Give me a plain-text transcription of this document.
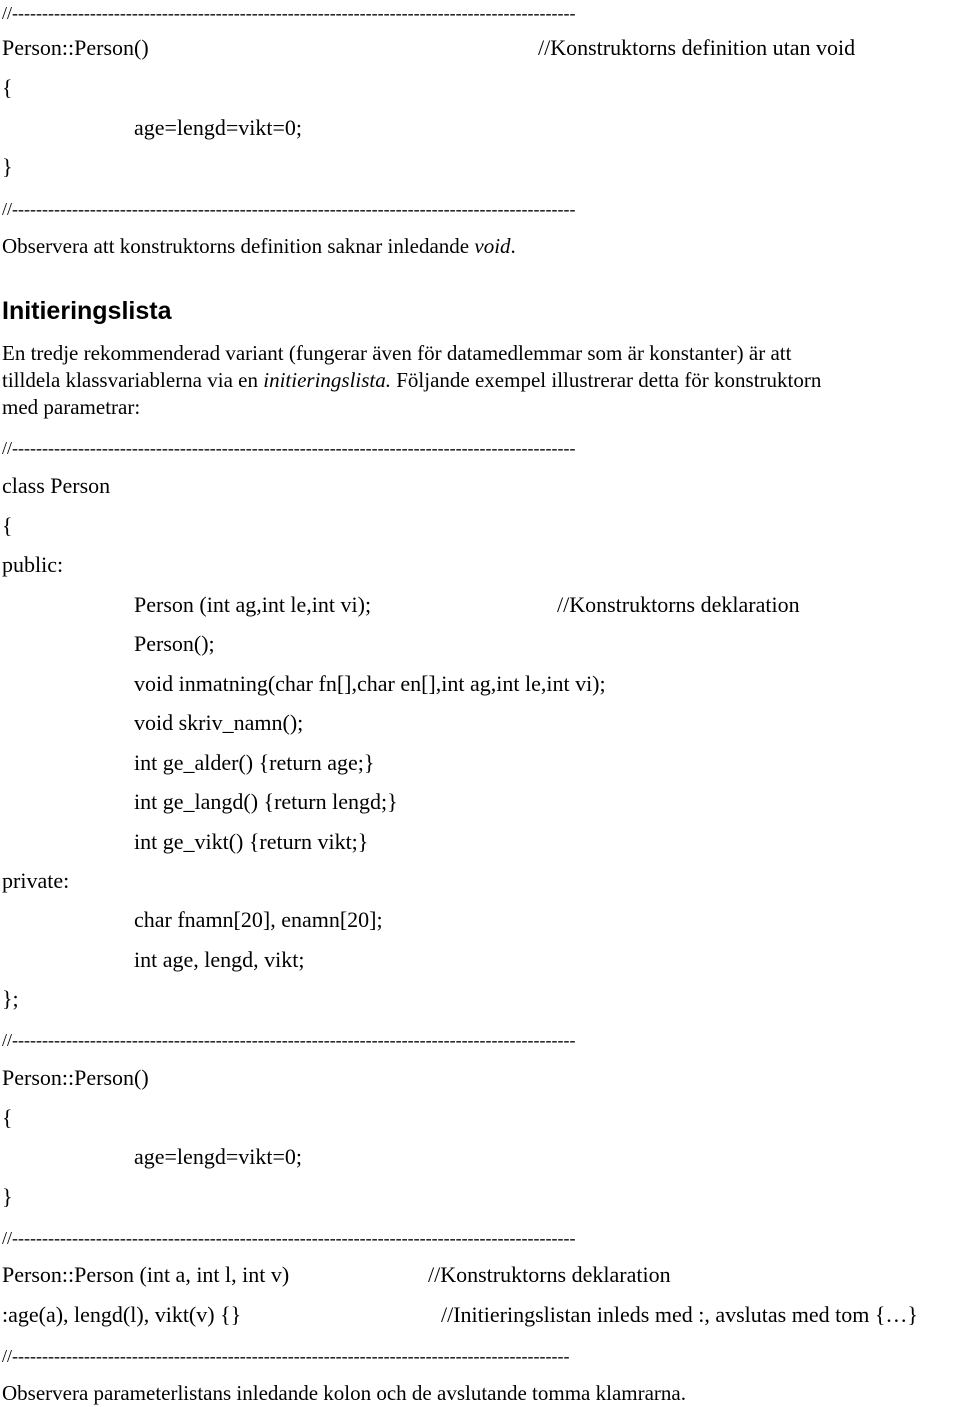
//----------------------------------------------------------------------------------------------
Person::Person()	//Konstruktorns definition utan void
{
age=lengd=vikt=0;
}
//----------------------------------------------------------------------------------------------
Observera att konstruktorns definition saknar inledande void.
Initieringslista
En tredje rekommenderad variant (fungerar även för datamedlemmar som är konstanter) är att
tilldela klassvariablerna via en initieringslista. Följande exempel illustrerar detta för konstruktorn
med parametrar:
//----------------------------------------------------------------------------------------------
class Person
{
public:
Person (int ag,int le,int vi);	//Konstruktorns deklaration
Person();
void inmatning(char fn[],char en[],int ag,int le,int vi);
void skriv_namn();
int ge_alder() {return age;}
int ge_langd() {return lengd;}
int ge_vikt() {return vikt;}
private:
char fnamn[20], enamn[20];
int age, lengd, vikt;
};
//----------------------------------------------------------------------------------------------
Person::Person()
{
age=lengd=vikt=0;
}
//----------------------------------------------------------------------------------------------
Person::Person (int a, int l, int v)	//Konstruktorns deklaration
:age(a), lengd(l), vikt(v) {}	//Initieringslistan inleds med :, avslutas med tom {…}
//---------------------------------------------------------------------------------------------
Observera parameterlistans inledande kolon och de avslutande tomma klamrarna.
